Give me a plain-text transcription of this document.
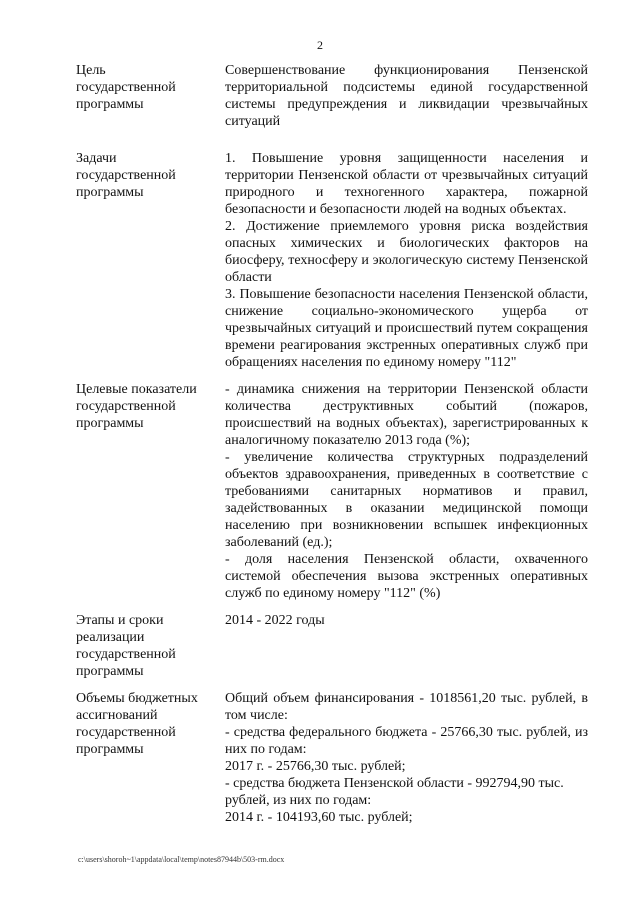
2
Цель
государственной
программы

Совершенствование функционирования Пензенской территориальной подсистемы единой государственной системы предупреждения и ликвидации чрезвычайных ситуаций

Задачи
государственной
программы

1. Повышение уровня защищенности населения и территории Пензенской области от чрезвычайных ситуаций природного и техногенного характера, пожарной безопасности и безопасности людей на водных объектах.

2. Достижение приемлемого уровня риска воздействия опасных химических и биологических факторов на биосферу, техносферу и экологическую систему Пензенской области

3. Повышение безопасности населения Пензенской области, снижение социально-экономического ущерба от чрезвычайных ситуаций и происшествий путем сокращения времени реагирования экстренных оперативных служб при обращениях населения по единому номеру "112"

Целевые показатели
государственной
программы

- динамика снижения на территории Пензенской области количества деструктивных событий (пожаров, происшествий на водных объектах), зарегистрированных к аналогичному показателю 2013 года (%);

- увеличение количества структурных подразделений объектов здравоохранения, приведенных в соответствие с требованиями санитарных нормативов и правил, задействованных в оказании медицинской помощи населению при возникновении вспышек инфекционных заболеваний (ед.);

- доля населения Пензенской области, охваченного системой обеспечения вызова экстренных оперативных служб по единому номеру "112" (%)

Этапы и сроки
реализации
государственной
программы

2014 - 2022 годы

Объемы бюджетных
ассигнований
государственной
программы

Общий объем финансирования - 1018561,20 тыс. рублей, в том числе:

- средства федерального бюджета - 25766,30 тыс. рублей, из них по годам:

2017 г. - 25766,30 тыс. рублей;

- средства бюджета Пензенской области - 992794,90 тыс. рублей, из них по годам:

2014 г. - 104193,60 тыс. рублей;

c:\users\shoroh~1\appdata\local\temp\notes87944b\503-rm.docx
